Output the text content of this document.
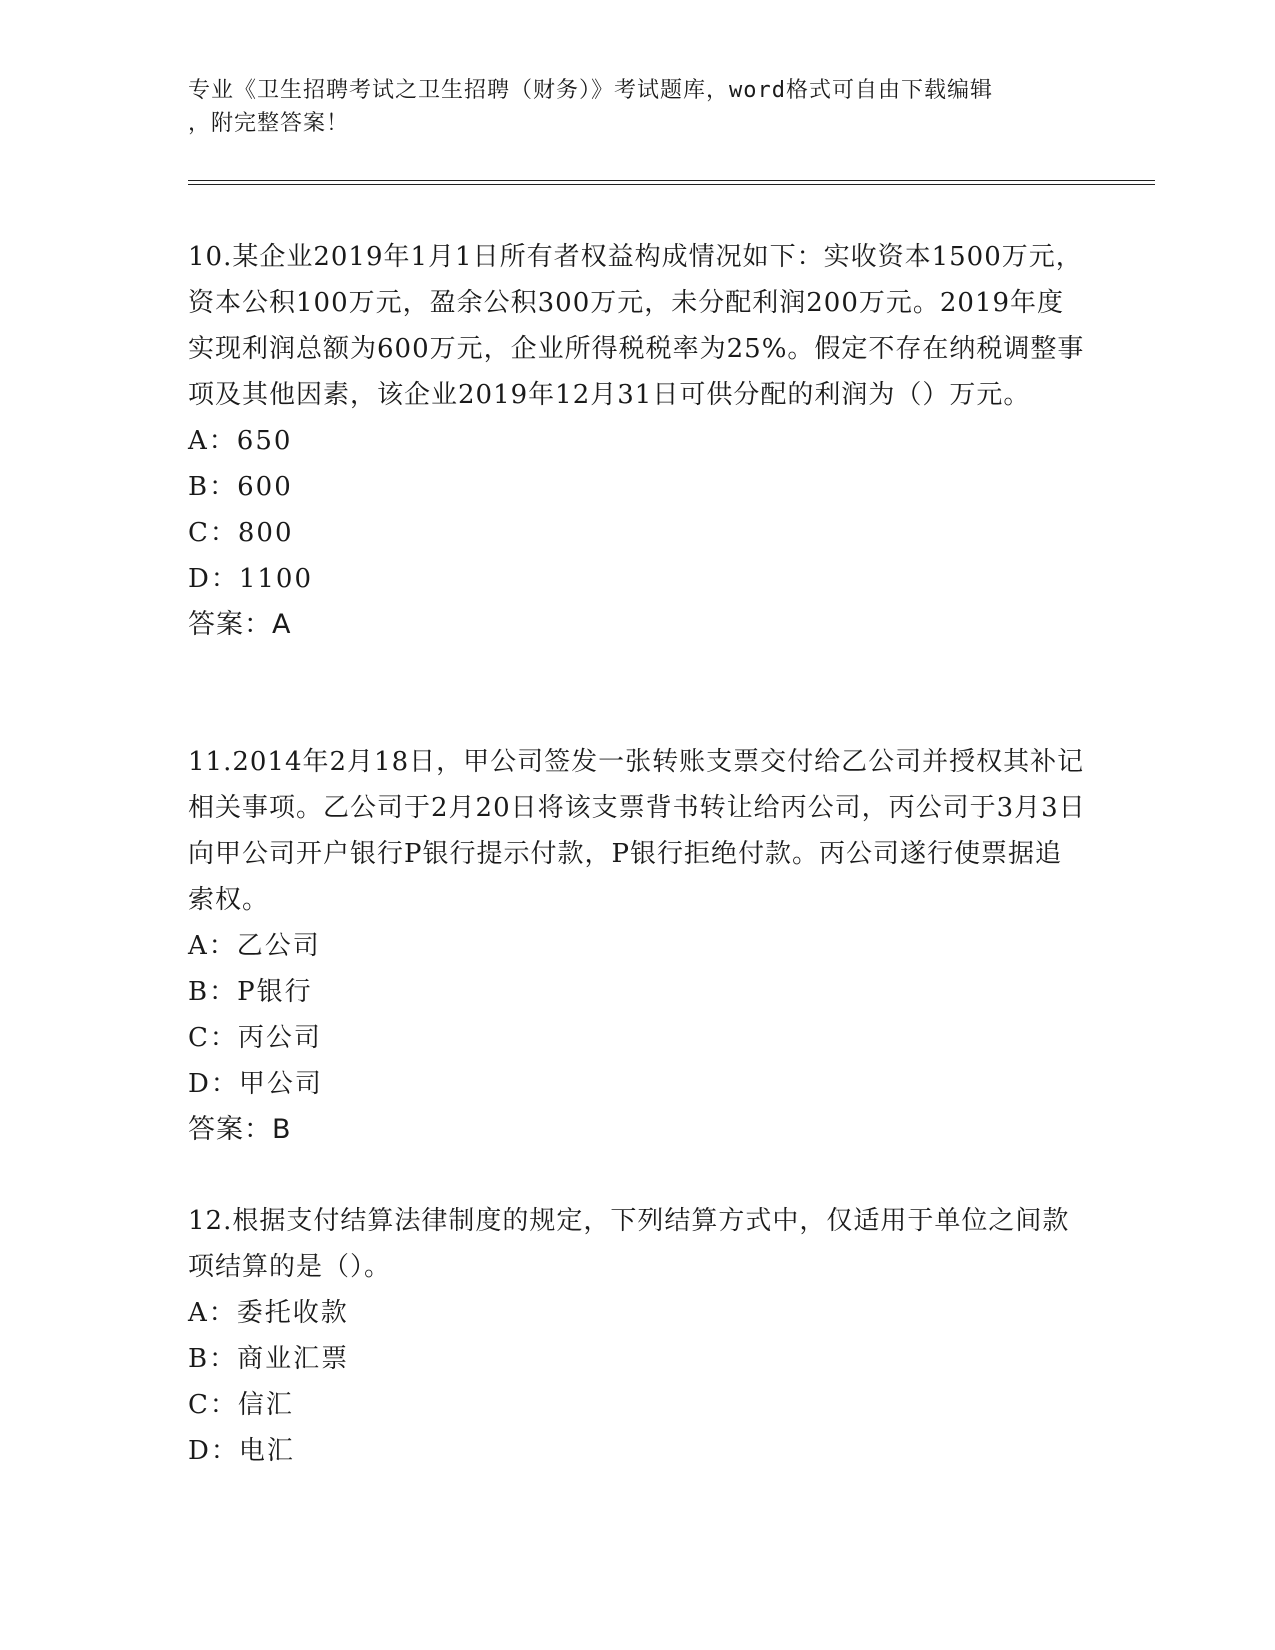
专业《卫生招聘考试之卫生招聘（财务）》考试题库，word格式可自由下载编辑
，附完整答案！

10.某企业2019年1月1日所有者权益构成情况如下：实收资本1500万元，资本公积100万元，盈余公积300万元，未分配利润200万元。2019年度实现利润总额为600万元，企业所得税税率为25%。假定不存在纳税调整事项及其他因素，该企业2019年12月31日可供分配的利润为（）万元。

A：650

B：600

C：800

D：1100

答案：A

11.2014年2月18日，甲公司签发一张转账支票交付给乙公司并授权其补记相关事项。乙公司于2月20日将该支票背书转让给丙公司，丙公司于3月3日向甲公司开户银行P银行提示付款，P银行拒绝付款。丙公司遂行使票据追索权。

A：乙公司

B：P银行

C：丙公司

D：甲公司

答案：B

12.根据支付结算法律制度的规定，下列结算方式中，仅适用于单位之间款项结算的是（）。

A：委托收款

B：商业汇票

C：信汇

D：电汇
